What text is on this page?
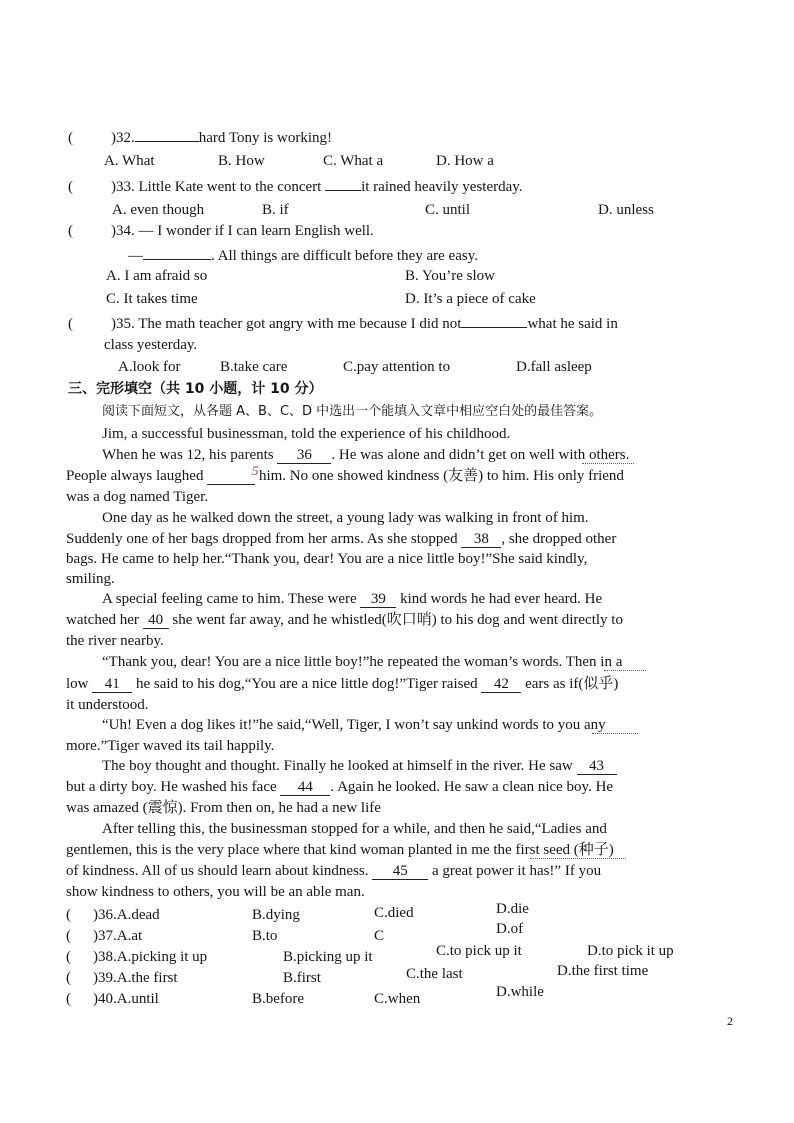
(	)32.	hard Tony is working!
A. What	B. How	C. What a	D. How a
(	)33. Little Kate went to the concert	it rained heavily yesterday.
A. even though	B. if	C. until	D. unless
(	)34. — I wonder if I can learn English well.
—	. All things are difficult before they are easy.
A. I am afraid so	B. You’re slow
C. It takes time	D. It’s a piece of cake
(	)35. The math teacher got angry with me because I did not	what he said in
class yesterday.
A.look for	B.take care	C.pay attention to	D.fall asleep
三、完形填空（共 10 小题，计 10 分）
阅读下面短文，从各题 A、B、C、D 中选出一个能填入文章中相应空白处的最佳答案。
Jim, a successful businessman, told the experience of his childhood.
When he was 12, his parents 36 . He was alone and didn’t get on well with others.
People always laughed	him. No one showed kindness (友善) to him. His only friend
5
was a dog named Tiger.
One day as he walked down the street, a young lady was walking in front of him.
Suddenly one of her bags dropped from her arms. As she stopped 38 , she dropped other
bags. He came to help her.“Thank you, dear! You are a nice little boy!”She said kindly,
smiling.
A special feeling came to him. These were 39 kind words he had ever heard. He
watched her 40 she went far away, and he whistled(吹口哨) to his dog and went directly to
the river nearby.
“Thank you, dear! You are a nice little boy!”he repeated the woman’s words. Then in a
low 41 he said to his dog,“You are a nice little dog!”Tiger raised 42 ears as if(似乎)
it understood.
“Uh! Even a dog likes it!”he said,“Well, Tiger, I won’t say unkind words to you any
more.”Tiger waved its tail happily.
The boy thought and thought. Finally he looked at himself in the river. He saw 43
but a dirty boy. He washed his face 44 . Again he looked. He saw a clean nice boy. He
was amazed (震惊). From then on, he had a new life
After telling this, the businessman stopped for a while, and then he said,“Ladies and
gentlemen, this is the very place where that kind woman planted in me the first seed (种子)
of kindness. All of us should learn about kindness. 45 a great power it has!” If you
show kindness to others, you will be an able man.
( )36.A.dead	B.dying	C.died	D.die
( )37.A.at	B.to	C	D.of
( )38.A.picking it up	B.picking up it	C.to pick up it	D.to pick it up
( )39.A.the first	B.first	C.the last	D.the first time
( )40.A.until	B.before	C.when	D.while
2
